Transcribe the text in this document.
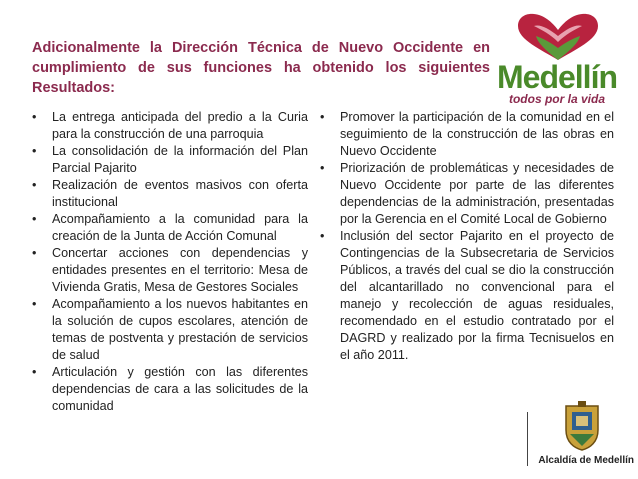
Adicionalmente la Dirección Técnica de Nuevo Occidente en cumplimiento de sus funciones ha obtenido los siguientes Resultados:
• La entrega anticipada del predio a la Curia para la construcción de una parroquia
• La consolidación de la información del Plan Parcial Pajarito
• Realización de eventos masivos con oferta institucional
• Acompañamiento a la comunidad para la creación de la Junta de Acción Comunal
• Concertar acciones con dependencias y entidades presentes en el territorio: Mesa de Vivienda Gratis, Mesa de Gestores Sociales
• Acompañamiento a los nuevos habitantes en la solución de cupos escolares, atención de temas de postventa y prestación de servicios de salud
• Articulación y gestión con las diferentes dependencias de cara a las solicitudes de la comunidad
• Promover la participación de la comunidad en el seguimiento de la construcción de las obras en Nuevo Occidente
• Priorización de problemáticas y necesidades de Nuevo Occidente por parte de las diferentes dependencias de la administración, presentadas por la Gerencia en el Comité Local de Gobierno
• Inclusión del sector Pajarito en el proyecto de Contingencias de la Subsecretaria de Servicios Públicos, a través del cual se dio la construcción del alcantarillado no convencional para el manejo y recolección de aguas residuales, recomendado en el estudio contratado por el DAGRD y realizado por la firma Tecnisuelos en el año 2011.
Medellín
todos por la vida
Alcaldía de Medellín
